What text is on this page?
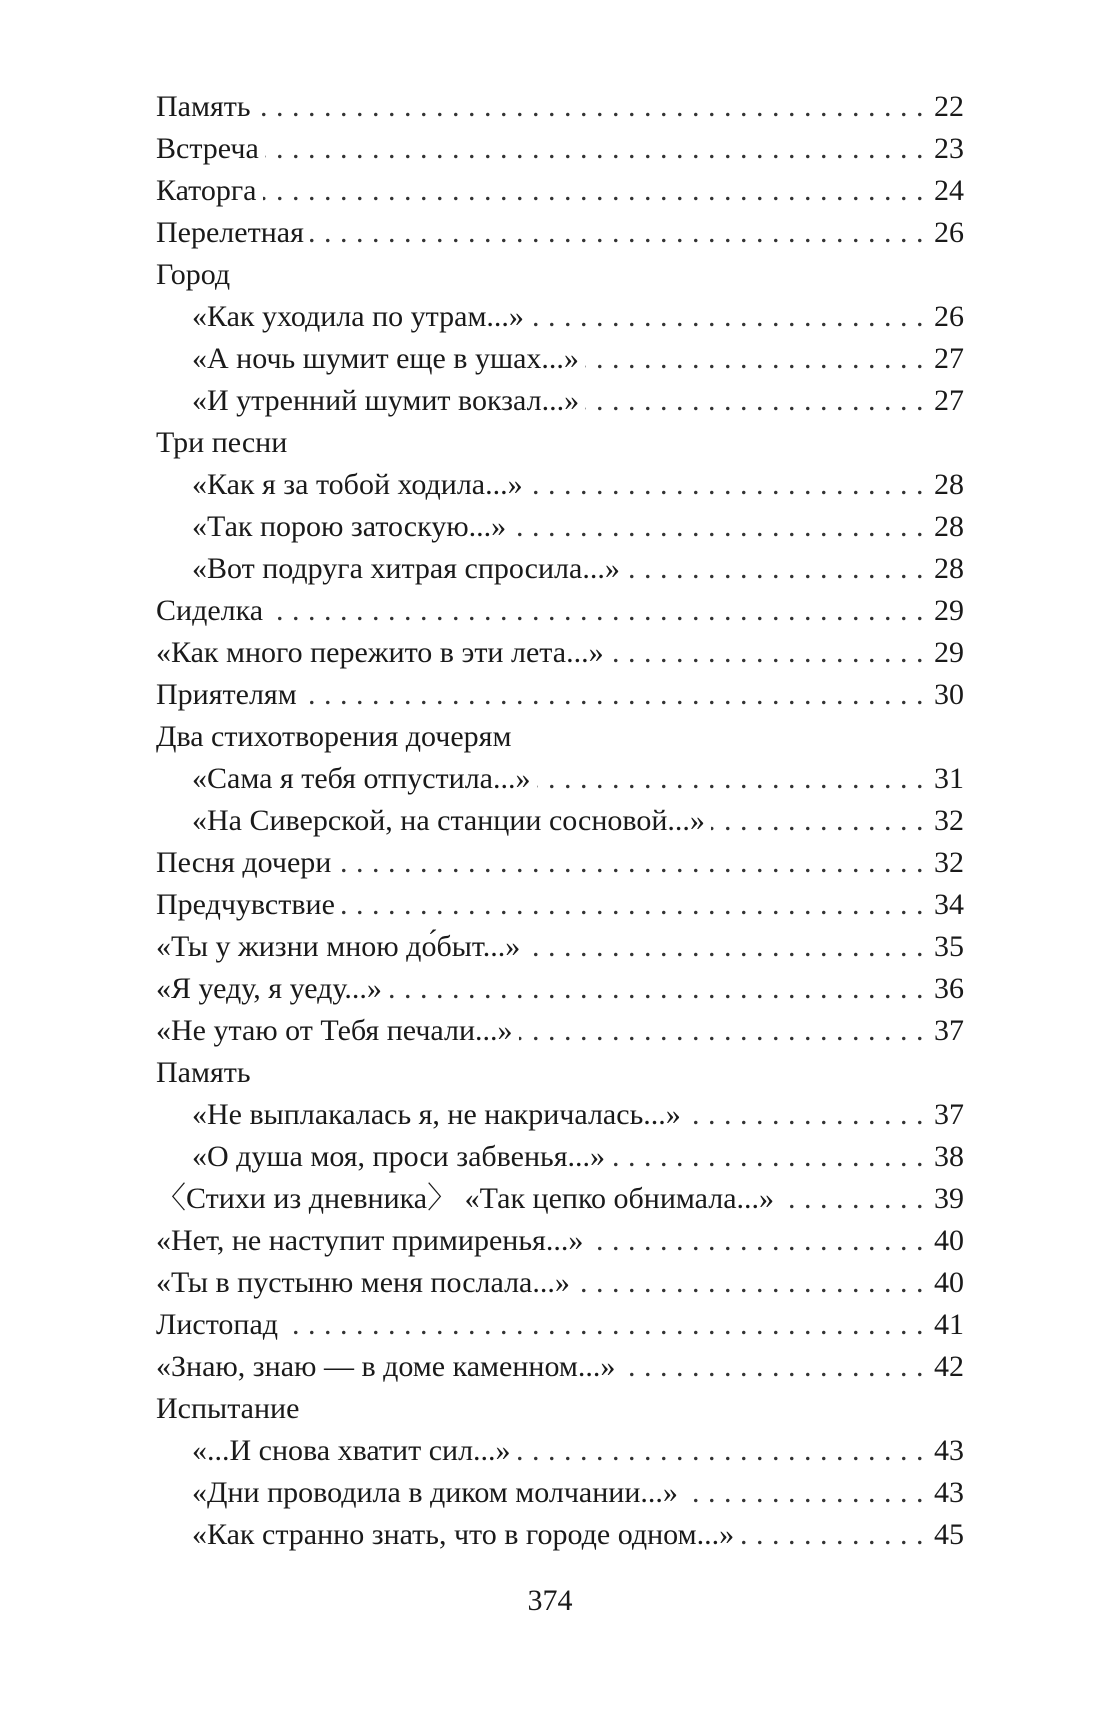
Память . . .	22
Встреча . . .	23
Каторга . . .	24
Перелетная . . .	26
Город
«Как уходила по утрам...» . . .	26
«А ночь шумит еще в ушах...» . . .	27
«И утренний шумит вокзал...» . . .	27
Три песни
«Как я за тобой ходила...» . . .	28
«Так порою затоскую...» . . .	28
«Вот подруга хитрая спросила...» . . .	28
Сиделка . . .	29
«Как много пережито в эти лета...» . . .	29
Приятелям . . .	30
Два стихотворения дочерям
«Сама я тебя отпустила...» . . .	31
«На Сиверской, на станции сосновой...» . . .	32
Песня дочери . . .	32
Предчувствие . . .	34
«Ты у жизни мною до́быт...» . . .	35
«Я уеду, я уеду...» . . .	36
«Не утаю от Тебя печали...» . . .	37
Память
«Не выплакалась я, не накричалась...» . . .	37
«О душа моя, проси забвенья...» . . .	38
〈Стихи из дневника〉 «Так цепко обнимала...» . . .	39
«Нет, не наступит примиренья...» . . .	40
«Ты в пустыню меня послала...» . . .	40
Листопад . . .	41
«Знаю, знаю — в доме каменном...» . . .	42
Испытание
«...И снова хватит сил...» . . .	43
«Дни проводила в диком молчании...» . . .	43
«Как странно знать, что в городе одном...» . . .	45
374
